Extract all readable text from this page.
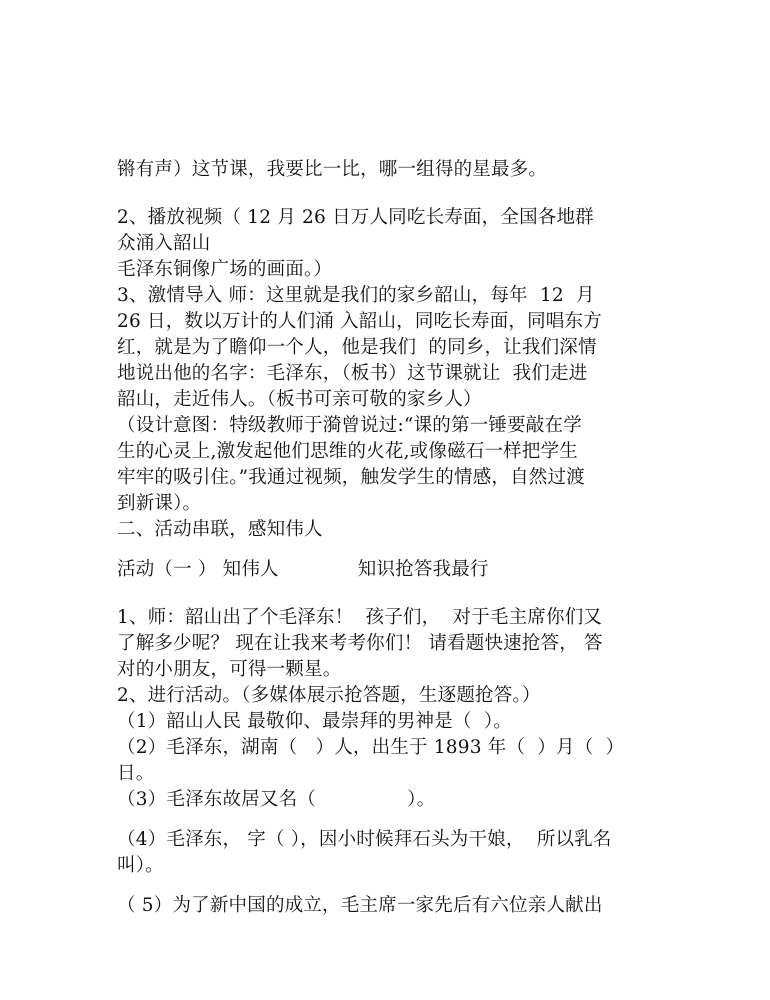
锵有声）这节课，我要比一比，哪一组得的星最多。
2、播放视频（ 12 月 26 日万人同吃长寿面，全国各地群
众涌入韶山
毛泽东铜像广场的画面。）
3、激情导入 师：这里就是我们的家乡韶山，每年  12  月
26 日，数以万计的人们涌 入韶山，同吃长寿面，同唱东方
红，就是为了瞻仰一个人，他是我们  的同乡，让我们深情
地说出他的名字：毛泽东，（板书）这节课就让  我们走进
韶山，走近伟人。（板书可亲可敬的家乡人）
（设计意图：特级教师于漪曾说过:“课的第一锤要敲在学
生的心灵上,激发起他们思维的火花,或像磁石一样把学生
牢牢的吸引住。”我通过视频，触发学生的情感，自然过渡
到新课）。
二、活动串联，感知伟人
活动（一 ） 知伟人             知识抢答我最行
1、师：韶山出了个毛泽东！  孩子们，  对于毛主席你们又
了解多少呢？ 现在让我来考考你们！ 请看题快速抢答， 答
对的小朋友，可得一颗星。
2、进行活动。（多媒体展示抢答题，生逐题抢答。）
（1）韶山人民 最敬仰、最崇拜的男神是（  ）。
（2）毛泽东，湖南（   ）人，出生于 1893 年（  ）月（  ）
日。
（3）毛泽东故居又名（               ）。
（4）毛泽东， 字（ ），因小时候拜石头为干娘，  所以乳名
叫）。
（ 5）为了新中国的成立，毛主席一家先后有六位亲人献出
